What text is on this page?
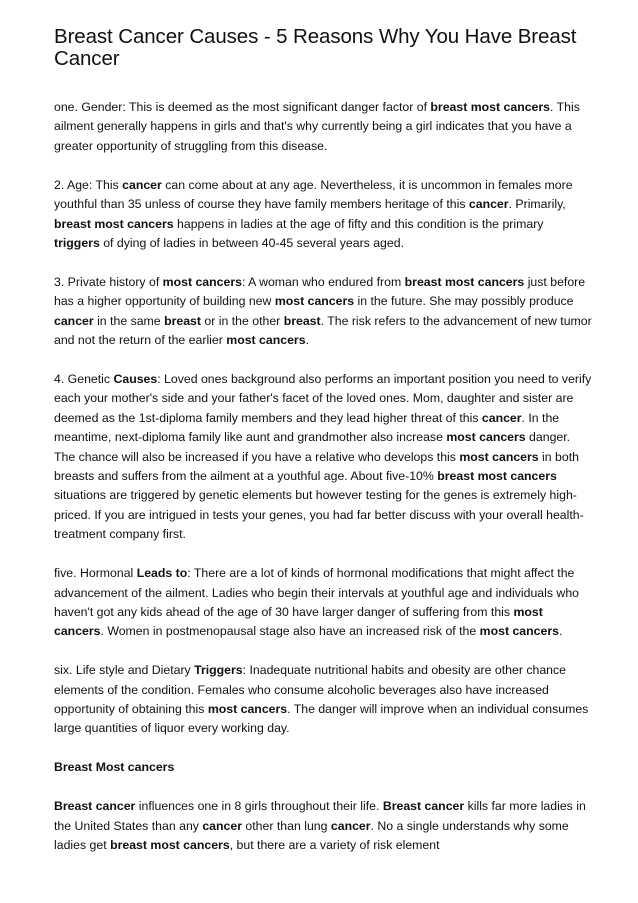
Breast Cancer Causes - 5 Reasons Why You Have Breast Cancer

one. Gender: This is deemed as the most significant danger factor of breast most cancers. This ailment generally happens in girls and that's why currently being a girl indicates that you have a greater opportunity of struggling from this disease.

2. Age: This cancer can come about at any age. Nevertheless, it is uncommon in females more youthful than 35 unless of course they have family members heritage of this cancer. Primarily, breast most cancers happens in ladies at the age of fifty and this condition is the primary triggers of dying of ladies in between 40-45 several years aged.

3. Private history of most cancers: A woman who endured from breast most cancers just before has a higher opportunity of building new most cancers in the future. She may possibly produce cancer in the same breast or in the other breast. The risk refers to the advancement of new tumor and not the return of the earlier most cancers.

4. Genetic Causes: Loved ones background also performs an important position you need to verify each your mother's side and your father's facet of the loved ones. Mom, daughter and sister are deemed as the 1st-diploma family members and they lead higher threat of this cancer. In the meantime, next-diploma family like aunt and grandmother also increase most cancers danger. The chance will also be increased if you have a relative who develops this most cancers in both breasts and suffers from the ailment at a youthful age. About five-10% breast most cancers situations are triggered by genetic elements but however testing for the genes is extremely high-priced. If you are intrigued in tests your genes, you had far better discuss with your overall health-treatment company first.

five. Hormonal Leads to: There are a lot of kinds of hormonal modifications that might affect the advancement of the ailment. Ladies who begin their intervals at youthful age and individuals who haven't got any kids ahead of the age of 30 have larger danger of suffering from this most cancers. Women in postmenopausal stage also have an increased risk of the most cancers.

six. Life style and Dietary Triggers: Inadequate nutritional habits and obesity are other chance elements of the condition. Females who consume alcoholic beverages also have increased opportunity of obtaining this most cancers. The danger will improve when an individual consumes large quantities of liquor every working day.

Breast Most cancers

Breast cancer influences one in 8 girls throughout their life. Breast cancer kills far more ladies in the United States than any cancer other than lung cancer. No a single understands why some ladies get breast most cancers, but there are a variety of risk element
